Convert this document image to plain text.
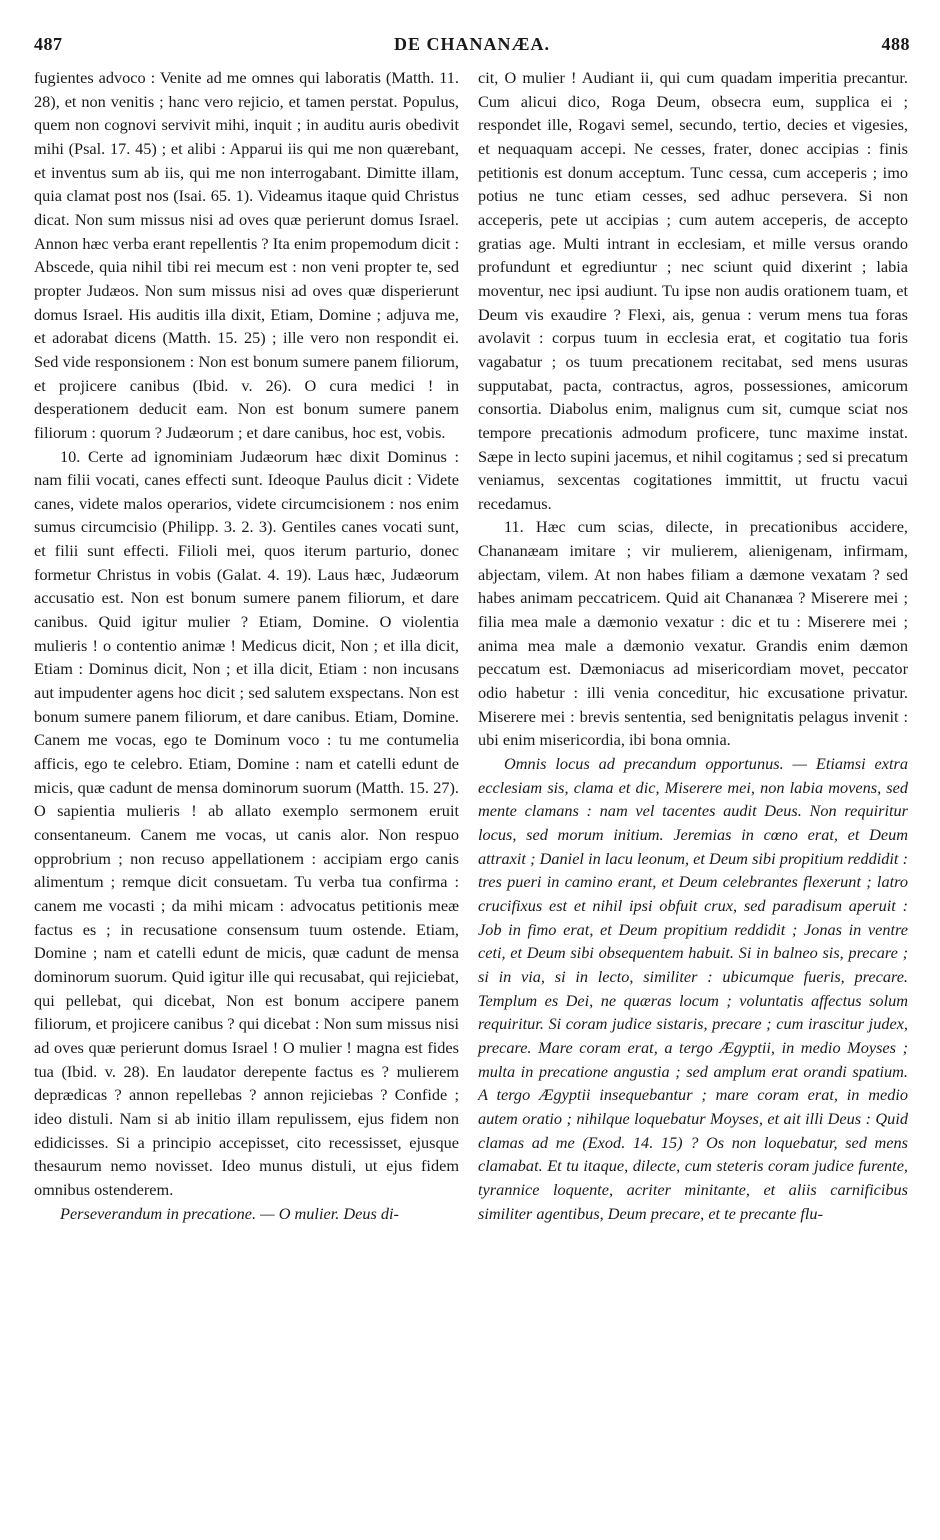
487	DE CHANANÆA.	488

fugientes advoco : Venite ad me omnes qui laboratis (Matth. 11. 28), et non venitis ; hanc vero rejicio, et tamen perstat. Populus, quem non cognovi servivit mihi, inquit ; in auditu auris obedivit mihi (Psal. 17. 45) ; et alibi : Apparui iis qui me non quærebant, et inventus sum ab iis, qui me non interrogabant. Dimitte illam, quia clamat post nos (Isai. 65. 1). Videamus itaque quid Christus dicat. Non sum missus nisi ad oves quæ perierunt domus Israel. Annon hæc verba erant repellentis ? Ita enim propemodum dicit : Abscede, quia nihil tibi rei mecum est : non veni propter te, sed propter Judæos. Non sum missus nisi ad oves quæ disperierunt domus Israel. His auditis illa dixit, Etiam, Domine ; adjuva me, et adorabat dicens (Matth. 15. 25) ; ille vero non respondit ei. Sed vide responsionem : Non est bonum sumere panem filiorum, et projicere canibus (Ibid. v. 26). O cura medici ! in desperationem deducit eam. Non est bonum sumere panem filiorum : quorum ? Judæorum ; et dare canibus, hoc est, vobis.

10. Certe ad ignominiam Judæorum hæc dixit Dominus : nam filii vocati, canes effecti sunt. Ideoque Paulus dicit : Videte canes, videte malos operarios, videte circumcisionem : nos enim sumus circumcisio (Philipp. 3. 2. 3). Gentiles canes vocati sunt, et filii sunt effecti. Filioli mei, quos iterum parturio, donec formetur Christus in vobis (Galat. 4. 19). Laus hæc, Judæorum accusatio est. Non est bonum sumere panem filiorum, et dare canibus. Quid igitur mulier ? Etiam, Domine. O violentia mulieris ! o contentio animæ ! Medicus dicit, Non ; et illa dicit, Etiam : Dominus dicit, Non ; et illa dicit, Etiam : non incusans aut impudenter agens hoc dicit ; sed salutem exspectans. Non est bonum sumere panem filiorum, et dare canibus. Etiam, Domine. Canem me vocas, ego te Dominum voco : tu me contumelia afficis, ego te celebro. Etiam, Domine : nam et catelli edunt de micis, quæ cadunt de mensa dominorum suorum (Matth. 15. 27). O sapientia mulieris ! ab allato exemplo sermonem eruit consentaneum. Canem me vocas, ut canis alor. Non respuo opprobrium ; non recuso appellationem : accipiam ergo canis alimentum ; remque dicit consuetam. Tu verba tua confirma : canem me vocasti ; da mihi micam : advocatus petitionis meæ factus es ; in recusatione consensum tuum ostende. Etiam, Domine ; nam et catelli edunt de micis, quæ cadunt de mensa dominorum suorum. Quid igitur ille qui recusabat, qui rejiciebat, qui pellebat, qui dicebat, Non est bonum accipere panem filiorum, et projicere canibus ? qui dicebat : Non sum missus nisi ad oves quæ perierunt domus Israel ! O mulier ! magna est fides tua (Ibid. v. 28). En laudator derepente factus es ? mulierem deprædicas ? annon repellebas ? annon rejiciebas ? Confide ; ideo distuli. Nam si ab initio illam repulissem, ejus fidem non edidicisses. Si a principio accepisset, cito recessisset, ejusque thesaurum nemo novisset. Ideo munus distuli, ut ejus fidem omnibus ostenderem.

Perseverandum in precatione. — O mulier. Deus di-

cit, O mulier ! Audiant ii, qui cum quadam imperitia precantur. Cum alicui dico, Roga Deum, obsecra eum, supplica ei ; respondet ille, Rogavi semel, secundo, tertio, decies et vigesies, et nequaquam accepi. Ne cesses, frater, donec accipias : finis petitionis est donum acceptum. Tunc cessa, cum acceperis ; imo potius ne tunc etiam cesses, sed adhuc persevera. Si non acceperis, pete ut accipias ; cum autem acceperis, de accepto gratias age. Multi intrant in ecclesiam, et mille versus orando profundunt et egrediuntur ; nec sciunt quid dixerint ; labia moventur, nec ipsi audiunt. Tu ipse non audis orationem tuam, et Deum vis exaudire ? Flexi, ais, genua : verum mens tua foras avolavit : corpus tuum in ecclesia erat, et cogitatio tua foris vagabatur ; os tuum precationem recitabat, sed mens usuras supputabat, pacta, contractus, agros, possessiones, amicorum consortia. Diabolus enim, malignus cum sit, cumque sciat nos tempore precationis admodum proficere, tunc maxime instat. Sæpe in lecto supini jacemus, et nihil cogitamus ; sed si precatum veniamus, sexcentas cogitationes immittit, ut fructu vacui recedamus.

11. Hæc cum scias, dilecte, in precationibus accidere, Chananæam imitare ; vir mulierem, alienigenam, infirmam, abjectam, vilem. At non habes filiam a dæmone vexatam ? sed habes animam peccatricem. Quid ait Chananæa ? Miserere mei ; filia mea male a dæmonio vexatur : dic et tu : Miserere mei ; anima mea male a dæmonio vexatur. Grandis enim dæmon peccatum est. Dæmoniacus ad misericordiam movet, peccator odio habetur : illi venia conceditur, hic excusatione privatur. Miserere mei : brevis sententia, sed benignitatis pelagus invenit : ubi enim misericordia, ibi bona omnia.

Omnis locus ad precandum opportunus. — Etiamsi extra ecclesiam sis, clama et dic, Miserere mei, non labia movens, sed mente clamans : nam vel tacentes audit Deus. Non requiritur locus, sed morum initium. Jeremias in cœno erat, et Deum attraxit ; Daniel in lacu leonum, et Deum sibi propitium reddidit : tres pueri in camino erant, et Deum celebrantes flexerunt ; latro crucifixus est et nihil ipsi obfuit crux, sed paradisum aperuit : Job in fimo erat, et Deum propitium reddidit ; Jonas in ventre ceti, et Deum sibi obsequentem habuit. Si in balneo sis, precare ; si in via, si in lecto, similiter : ubicumque fueris, precare. Templum es Dei, ne quæras locum ; voluntatis affectus solum requiritur. Si coram judice sistaris, precare ; cum irascitur judex, precare. Mare coram erat, a tergo Ægyptii, in medio Moyses ; multa in precatione angustia ; sed amplum erat orandi spatium. A tergo Ægyptii insequebantur ; mare coram erat, in medio autem oratio ; nihilque loquebatur Moyses, et ait illi Deus : Quid clamas ad me (Exod. 14. 15) ? Os non loquebatur, sed mens clamabat. Et tu itaque, dilecte, cum steteris coram judice furente, tyrannice loquente, acriter minitante, et aliis carnificibus similiter agentibus, Deum precare, et te precante flu-
